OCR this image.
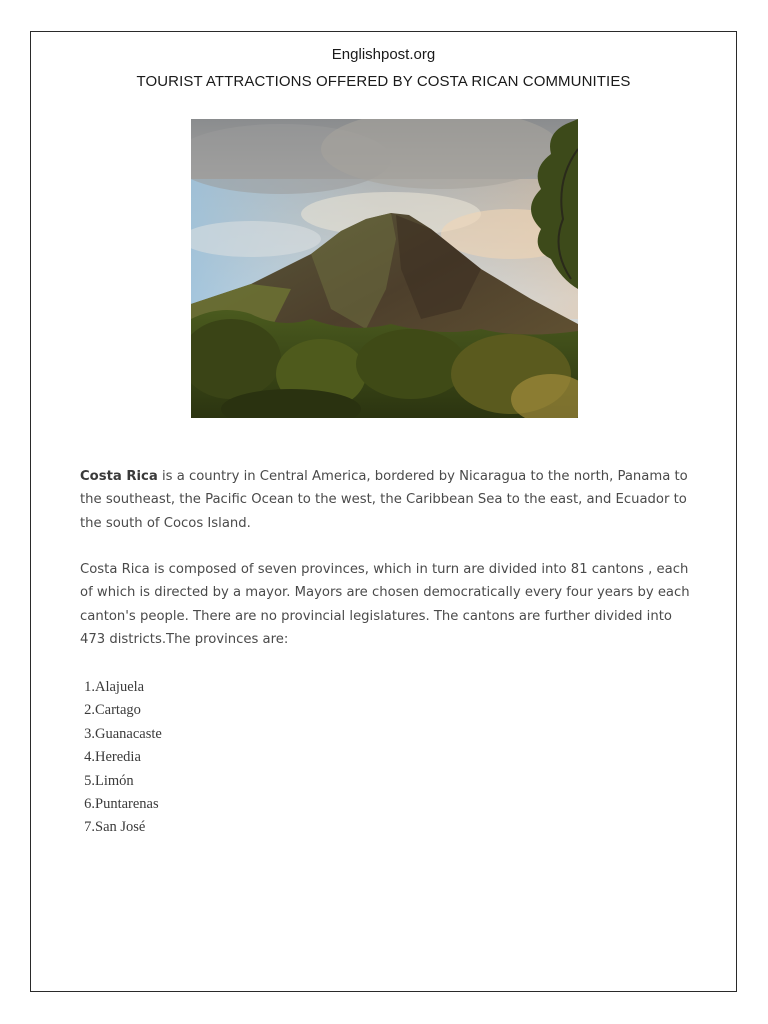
Englishpost.org
TOURIST ATTRACTIONS OFFERED BY COSTA RICAN COMMUNITIES

Costa Rica is a country in Central America, bordered by Nicaragua to the north, Panama to the southeast, the Pacific Ocean to the west, the Caribbean Sea to the east, and Ecuador to the south of Cocos Island.

Costa Rica is composed of seven provinces, which in turn are divided into 81 cantons , each of which is directed by a mayor. Mayors are chosen democratically every four years by each canton's people. There are no provincial legislatures. The cantons are further divided into 473 districts.The provinces are:

1. Alajuela
2. Cartago
3. Guanacaste
4. Heredia
5. Limón
6. Puntarenas
7. San José
